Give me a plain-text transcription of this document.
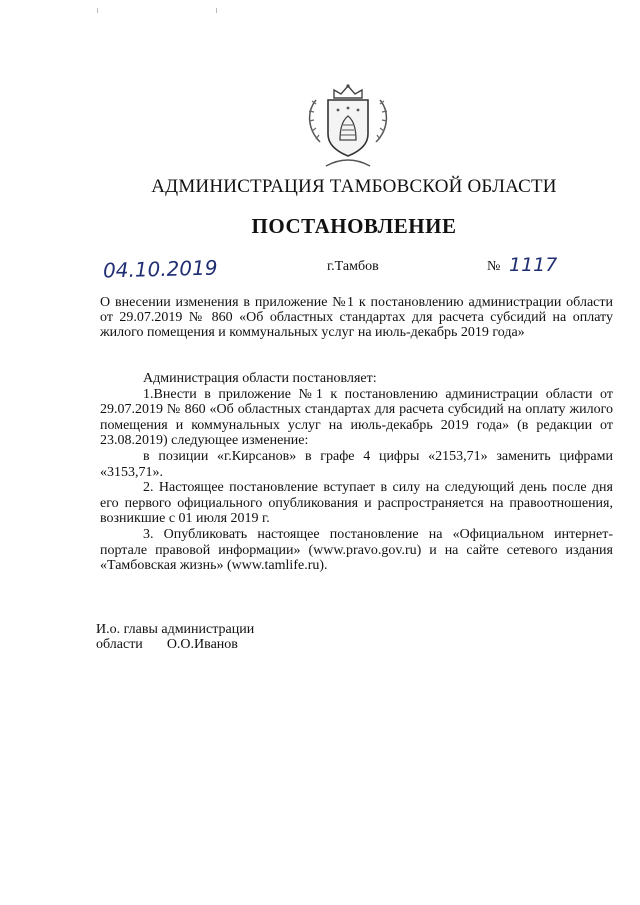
АДМИНИСТРАЦИЯ ТАМБОВСКОЙ ОБЛАСТИ
ПОСТАНОВЛЕНИЕ
04.10.2019	г.Тамбов	№ 1117
О внесении изменения в приложение №1 к постановлению администрации области от 29.07.2019 № 860 «Об областных стандартах для расчета субсидий на оплату жилого помещения и коммунальных услуг на июль-декабрь 2019 года»

Администрация области постановляет:

1.Внести в приложение №1 к постановлению администрации области от 29.07.2019 № 860 «Об областных стандартах для расчета субсидий на оплату жилого помещения и коммунальных услуг на июль-декабрь 2019 года» (в редакции от 23.08.2019) следующее изменение:

в позиции «г.Кирсанов» в графе 4 цифры «2153,71» заменить цифрами «3153,71».

2. Настоящее постановление вступает в силу на следующий день после дня его первого официального опубликования и распространяется на правоотношения, возникшие с 01 июля 2019 г.

3. Опубликовать настоящее постановление на «Официальном интернет-портале правовой информации» (www.pravo.gov.ru) и на сайте сетевого издания «Тамбовская жизнь» (www.tamlife.ru).

И.о. главы администрации
области О.О.Иванов
